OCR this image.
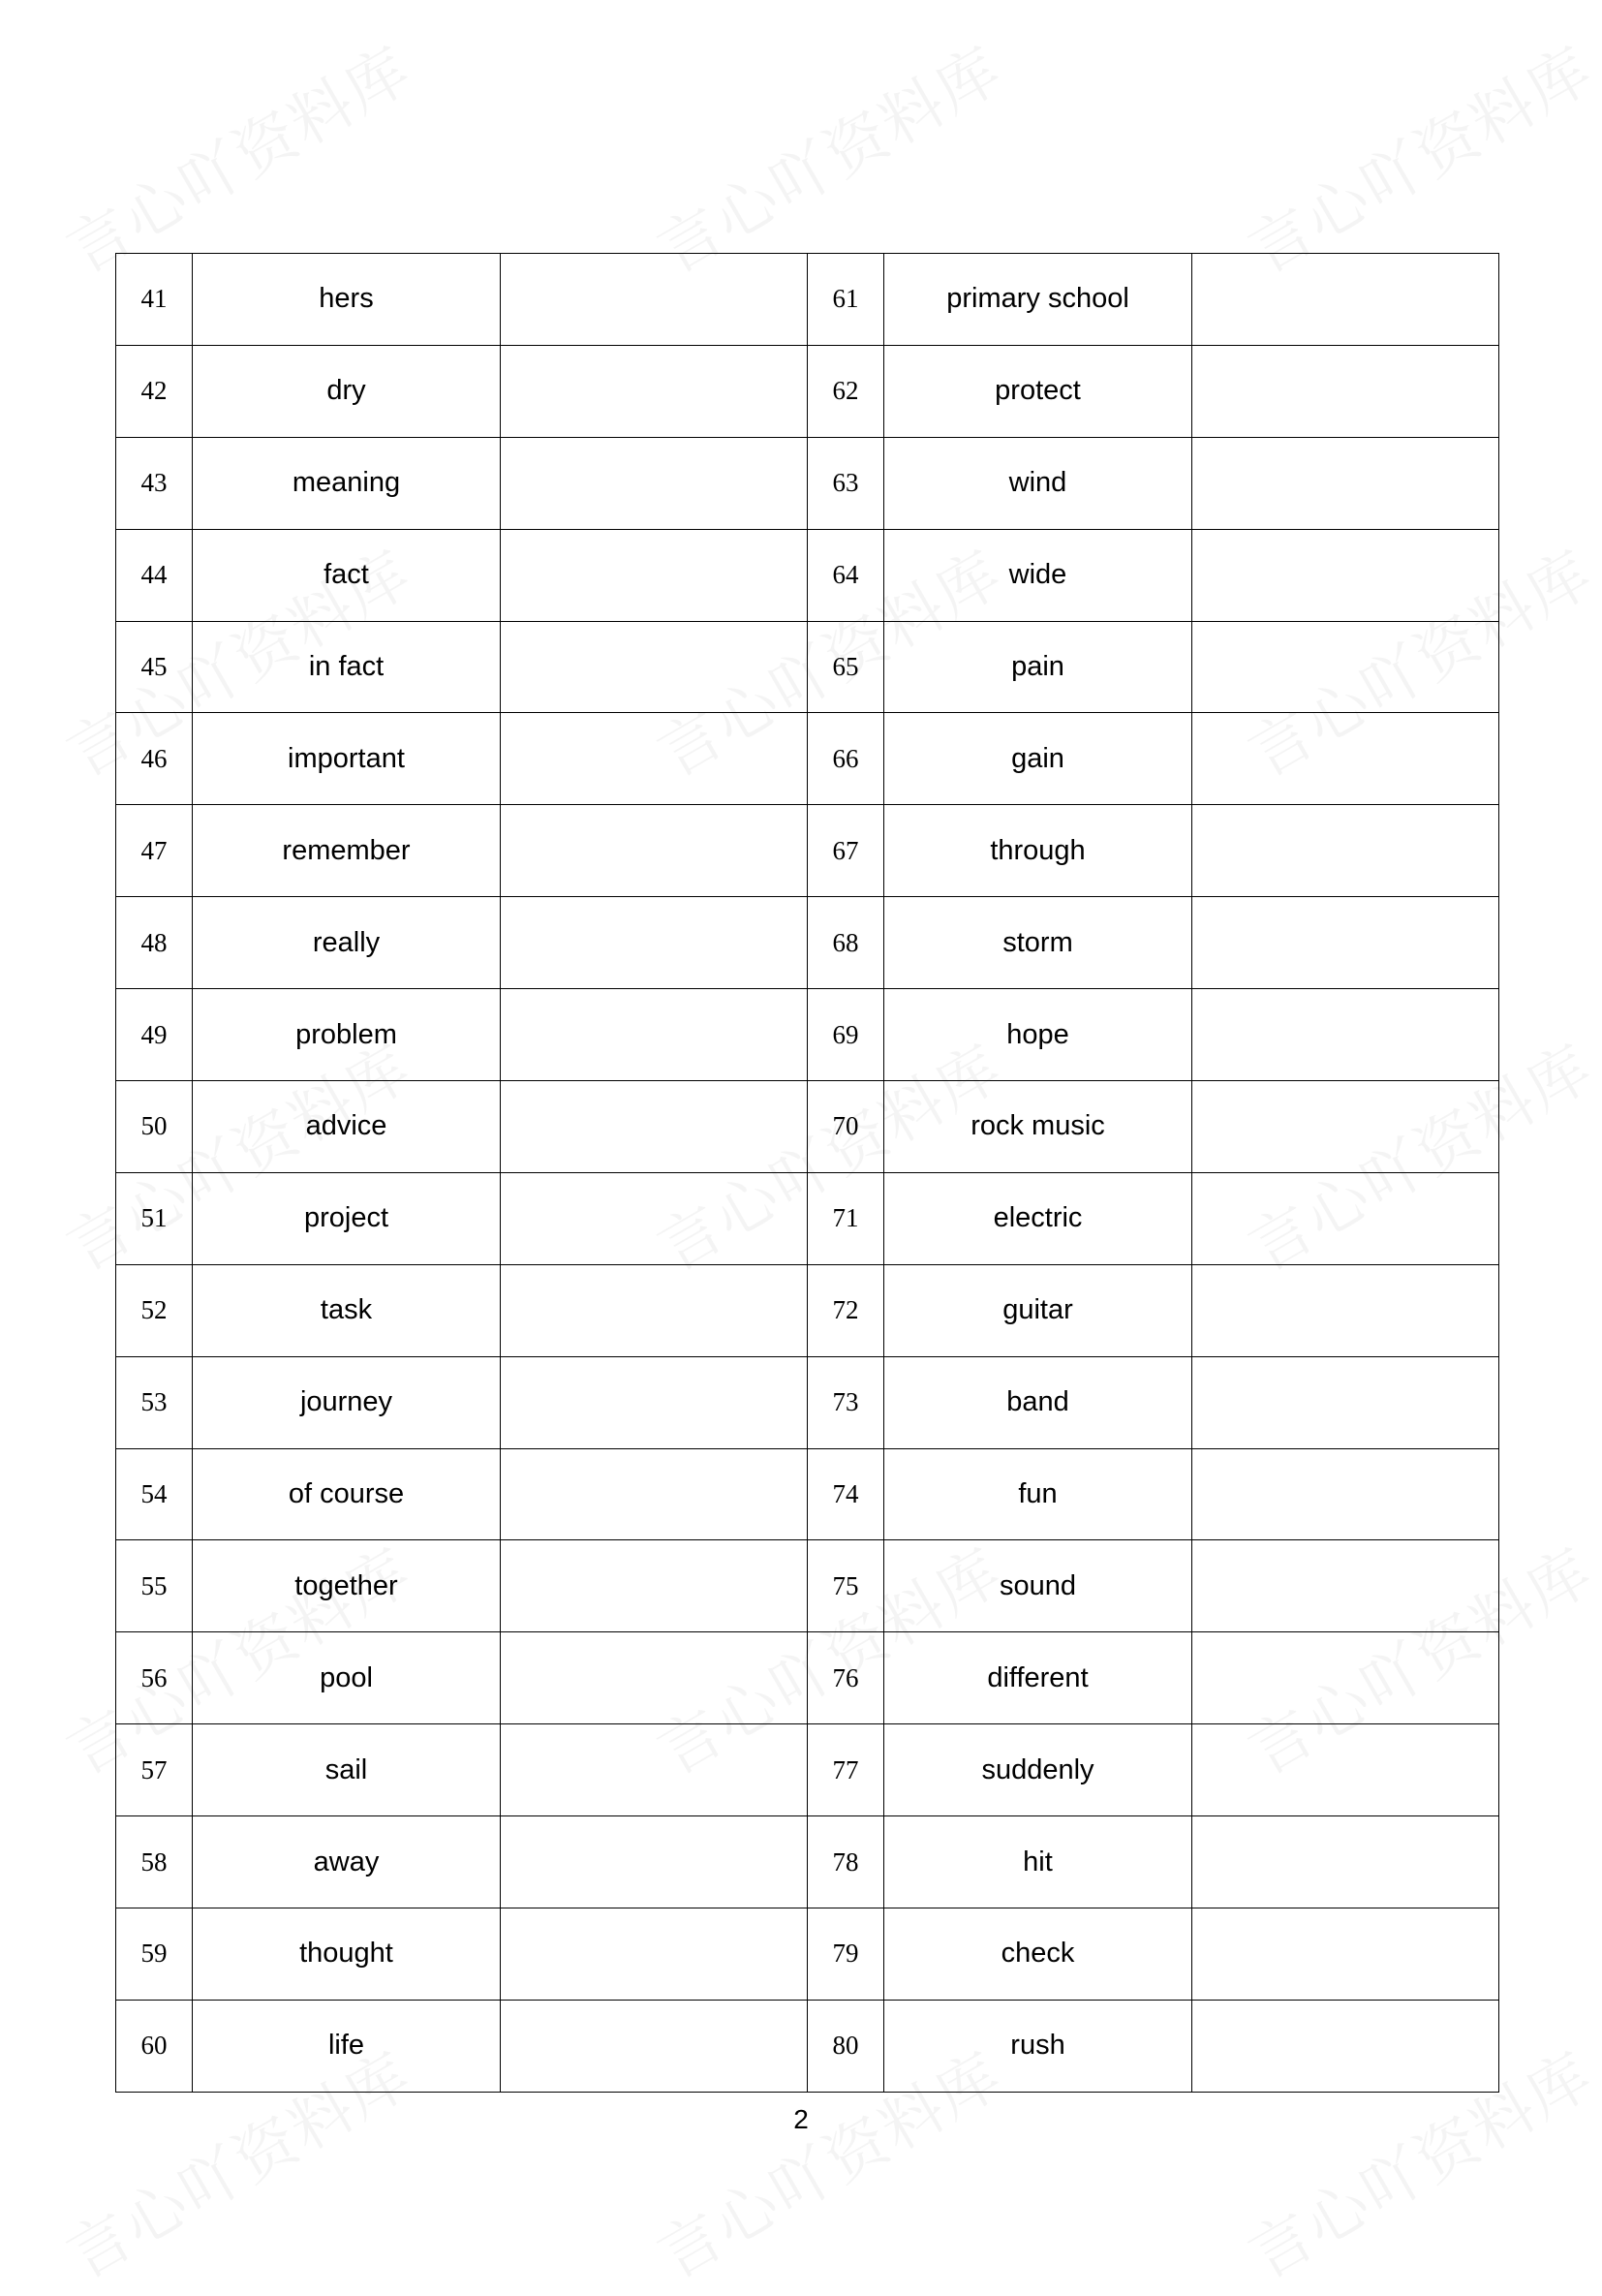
41	hers		61	primary school	
42	dry		62	protect	
43	meaning		63	wind	
44	fact		64	wide	
45	in fact		65	pain	
46	important		66	gain	
47	remember		67	through	
48	really		68	storm	
49	problem		69	hope	
50	advice		70	rock music	
51	project		71	electric	
52	task		72	guitar	
53	journey		73	band	
54	of course		74	fun	
55	together		75	sound	
56	pool		76	different	
57	sail		77	suddenly	
58	away		78	hit	
59	thought		79	check	
60	life		80	rush	
2
